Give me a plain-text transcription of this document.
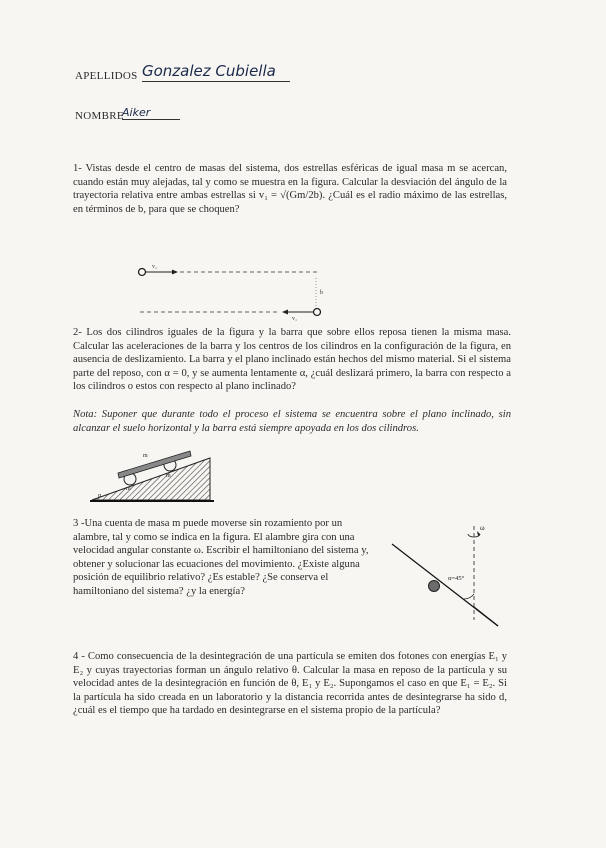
APELLIDOS Gonzalez Cubiella
NOMBRE
Aiker

1- Vistas desde el centro de masas del sistema, dos estrellas esféricas de igual masa m se acercan, cuando están muy alejadas, tal y como se muestra en la figura. Calcular la desviación del ángulo de la trayectoria relativa entre ambas estrellas si v₁ = √(Gm/2b). ¿Cuál es el radio máximo de las estrellas, en términos de b, para que se choquen?

v₁
b
v₁

2- Los dos cilindros iguales de la figura y la barra que sobre ellos reposa tienen la misma masa. Calcular las aceleraciones de la barra y los centros de los cilindros en la configuración de la figura, en ausencia de deslizamiento. La barra y el plano inclinado están hechos del mismo material. Si el sistema parte del reposo, con α = 0, y se aumenta lentamente α, ¿cuál deslizará primero, la barra con respecto a los cilindros o estos con respecto al plano inclinado?

Nota: Suponer que durante todo el proceso el sistema se encuentra sobre el plano inclinado, sin alcanzar el suelo horizontal y la barra está siempre apoyada en los dos cilindros.

m
m
m
α

3 -Una cuenta de masa m puede moverse sin rozamiento por un alambre, tal y como se indica en la figura. El alambre gira con una velocidad angular constante ω. Escribir el hamiltoniano del sistema y, obtener y solucionar las ecuaciones del movimiento. ¿Existe alguna posición de equilibrio relativo? ¿Es estable? ¿Se conserva el hamiltoniano del sistema? ¿y la energía?

ω
α=45°

4 - Como consecuencia de la desintegración de una partícula se emiten dos fotones con energías E₁ y E₂ y cuyas trayectorias forman un ángulo relativo θ. Calcular la masa en reposo de la partícula y su velocidad antes de la desintegración en función de θ, E₁ y E₂. Supongamos el caso en que E₁ = E₂. Si la partícula ha sido creada en un laboratorio y la distancia recorrida antes de desintegrarse ha sido d, ¿cuál es el tiempo que ha tardado en desintegrarse en el sistema propio de la partícula?
